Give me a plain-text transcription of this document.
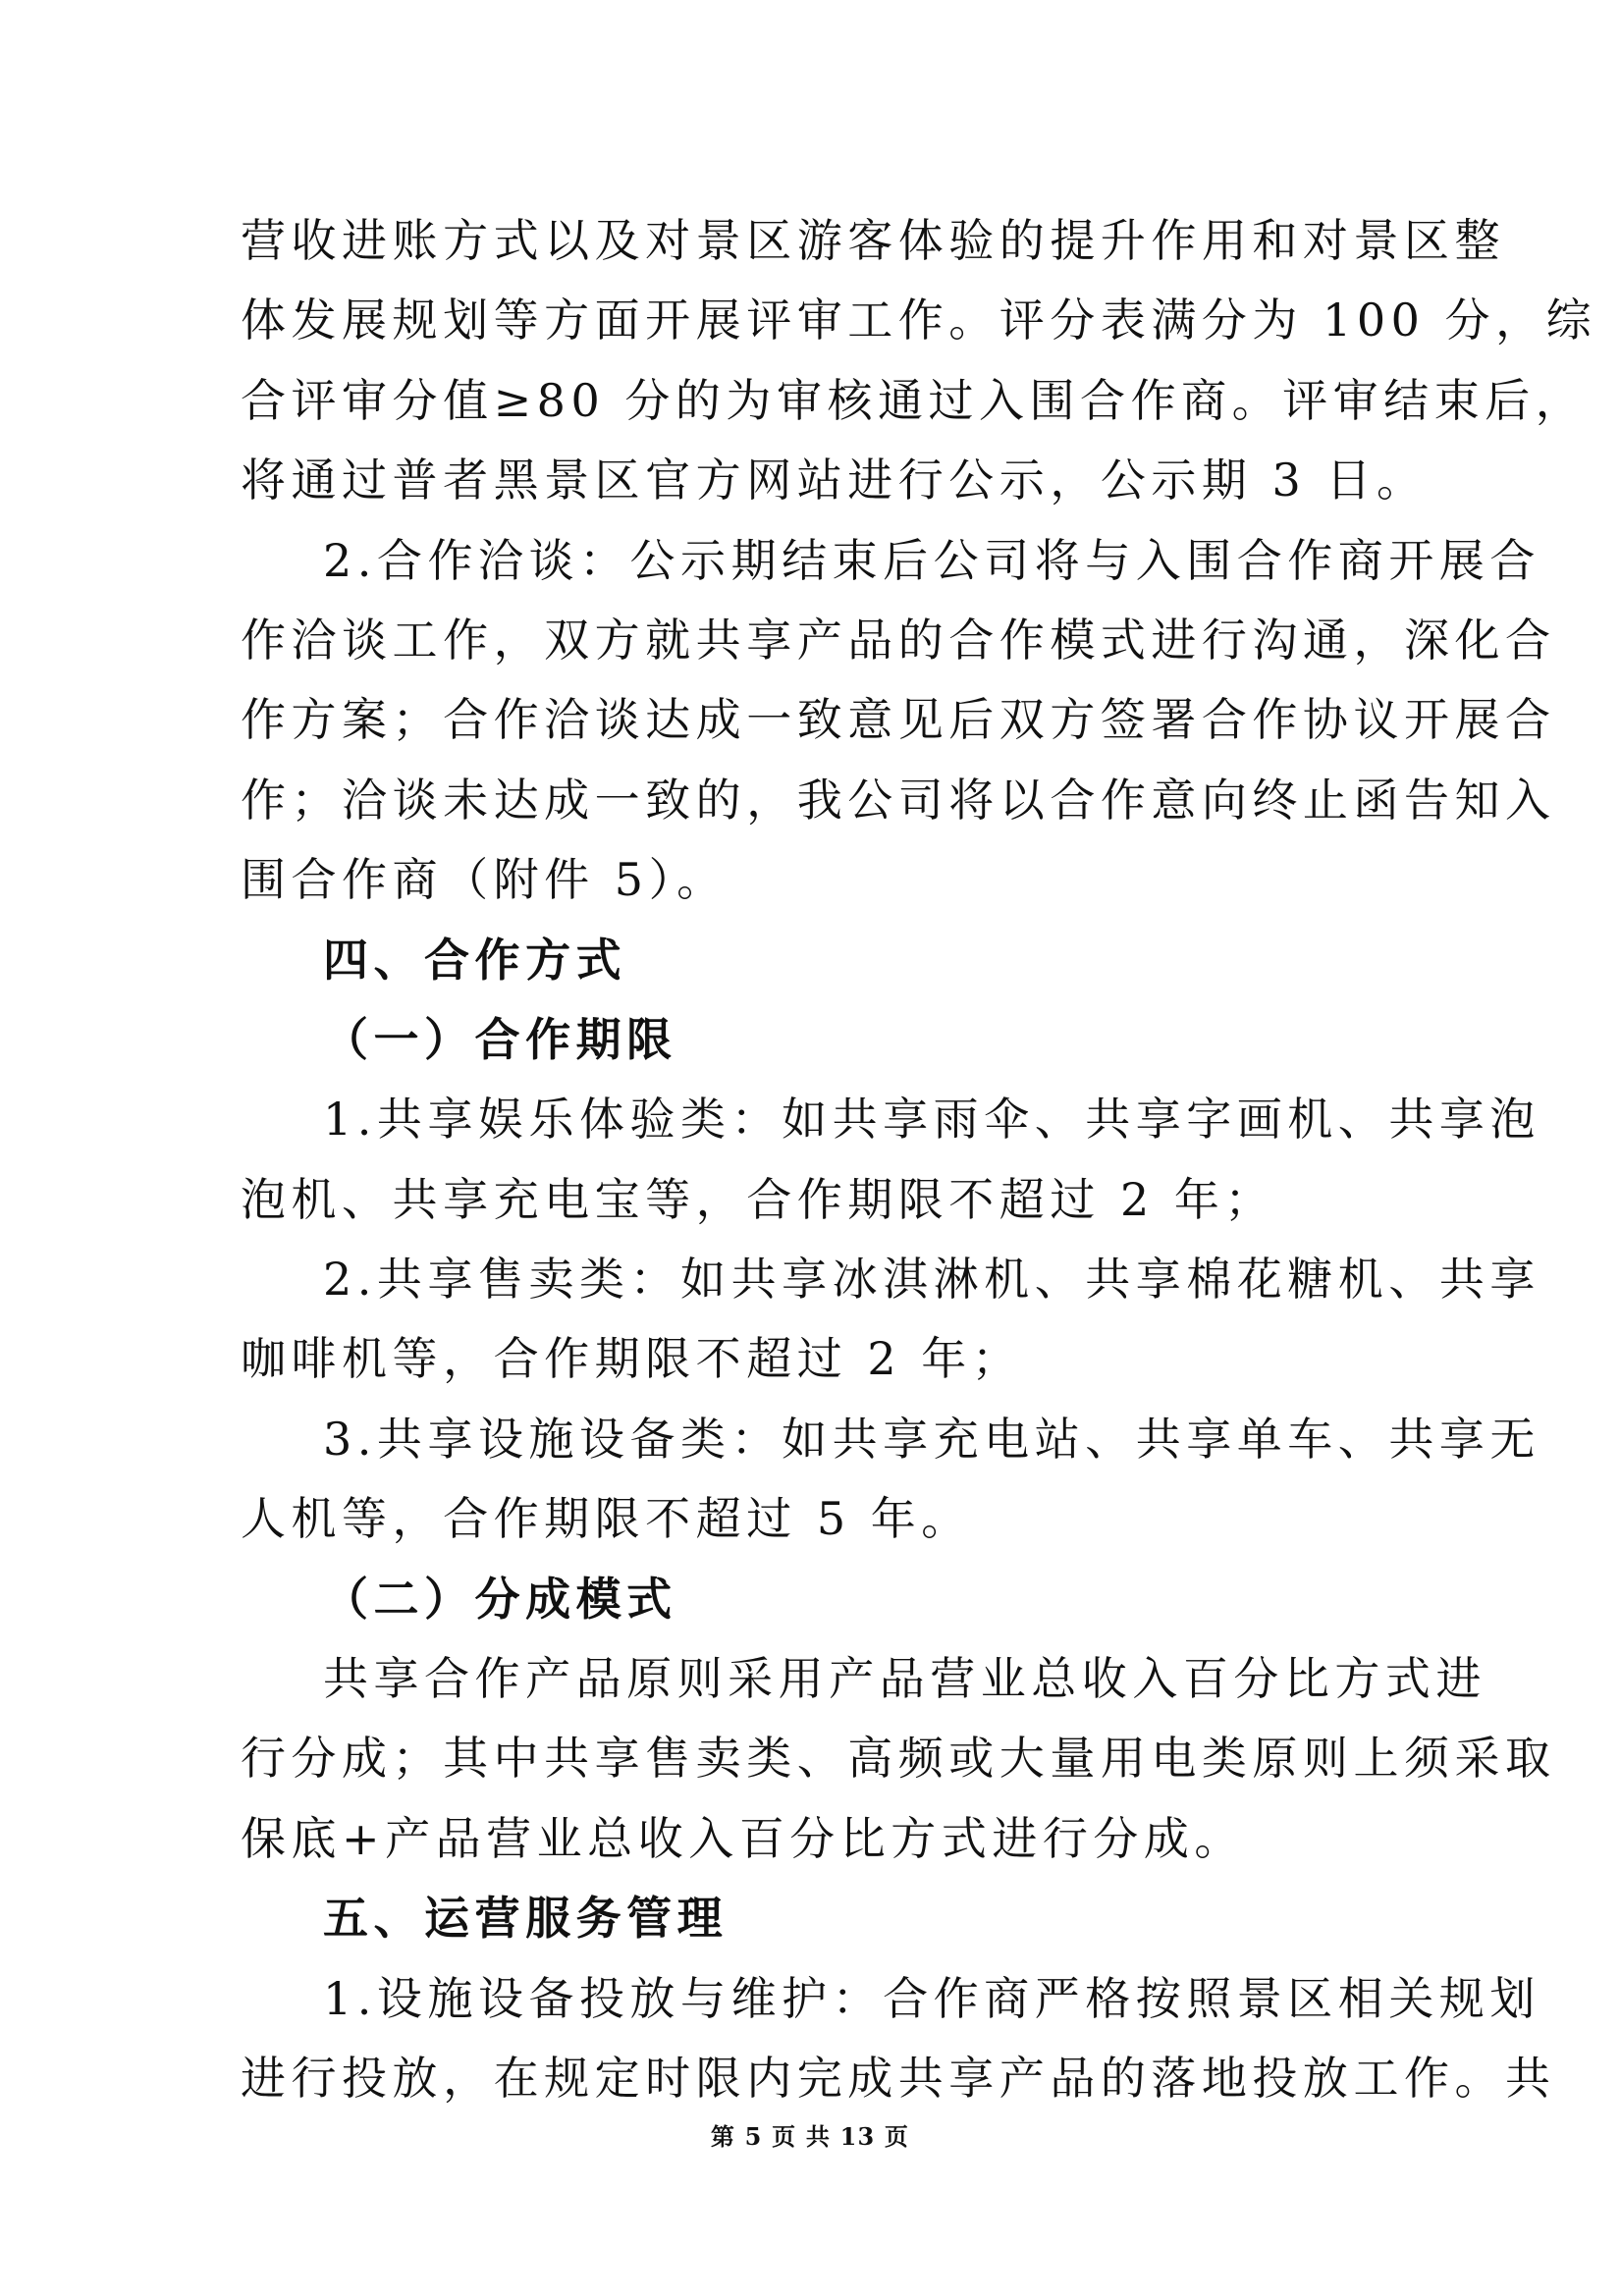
营收进账方式以及对景区游客体验的提升作用和对景区整
体发展规划等方面开展评审工作。评分表满分为 100 分，综
合评审分值≥80 分的为审核通过入围合作商。评审结束后，
将通过普者黑景区官方网站进行公示，公示期 3 日。
2.合作洽谈：公示期结束后公司将与入围合作商开展合
作洽谈工作，双方就共享产品的合作模式进行沟通，深化合
作方案；合作洽谈达成一致意见后双方签署合作协议开展合
作；洽谈未达成一致的，我公司将以合作意向终止函告知入
围合作商（附件 5）。
四、合作方式
（一）合作期限
1.共享娱乐体验类：如共享雨伞、共享字画机、共享泡
泡机、共享充电宝等，合作期限不超过 2 年；
2.共享售卖类：如共享冰淇淋机、共享棉花糖机、共享
咖啡机等，合作期限不超过 2 年；
3.共享设施设备类：如共享充电站、共享单车、共享无
人机等，合作期限不超过 5 年。
（二）分成模式
共享合作产品原则采用产品营业总收入百分比方式进
行分成；其中共享售卖类、高频或大量用电类原则上须采取
保底+产品营业总收入百分比方式进行分成。
五、运营服务管理
1.设施设备投放与维护：合作商严格按照景区相关规划
进行投放，在规定时限内完成共享产品的落地投放工作。共
第 5 页 共 13 页
